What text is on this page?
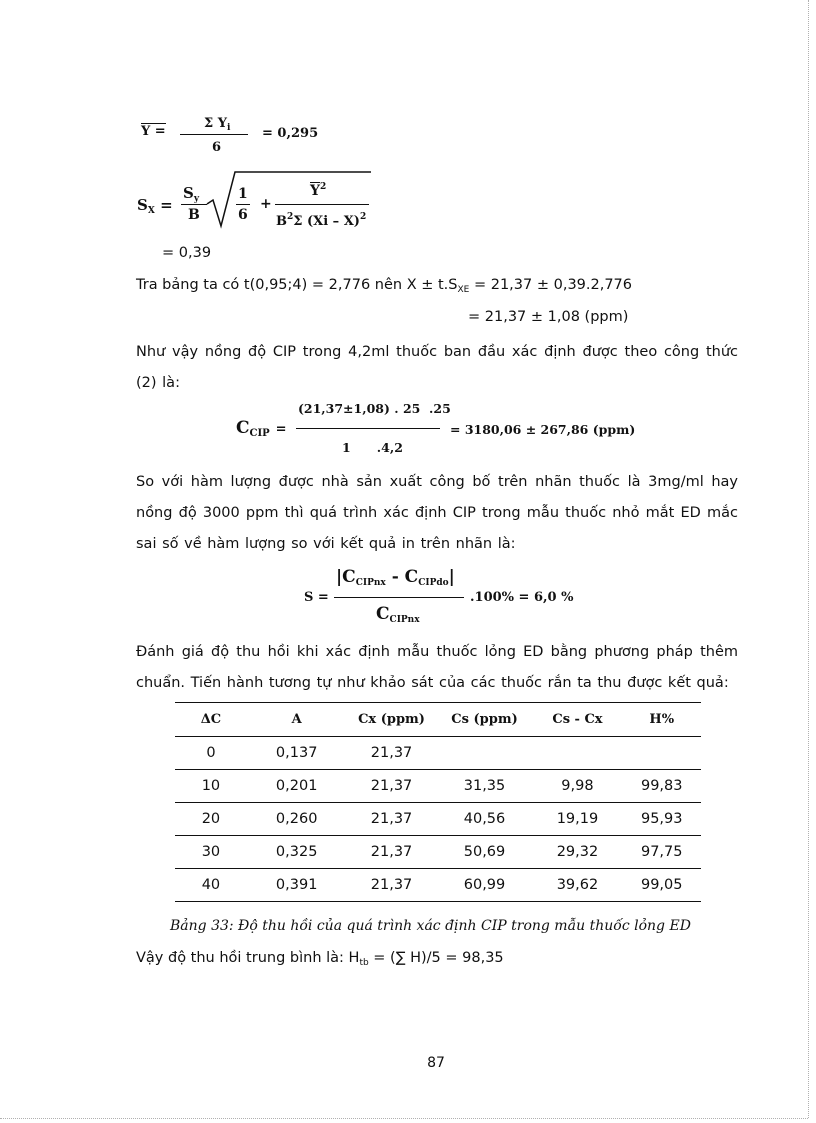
Y =
Σ $Y_i$
6
= 0,295
$S_X$ =
$S_y$
B
1
6
+
$Y^2$
$B^2\Sigma$ (Xi – X)$^2$
= 0,39
Tra bảng ta có t(0,95;4) = 2,776 nên $X \pm t.S_{XE} = 21,37 \pm 0,39.2,776$
= 21,37 ± 1,08 (ppm)
Như vậy nồng độ CIP trong 4,2ml thuốc ban đầu xác định được theo công thức (2) là:
$C_{CIP}$ =
(21,37±1,08) . 25  .25
1      .4,2
= 3180,06 ± 267,86 (ppm)
So với hàm lượng được nhà sản xuất công bố trên nhãn thuốc là 3mg/ml hay nồng độ 3000 ppm thì quá trình xác định CIP trong mẫu thuốc nhỏ mắt ED mắc sai số về hàm lượng so với kết quả in trên nhãn là:
S =
$|C_{CIPnx} - C_{CIPdo}|$
$C_{CIPnx}$
.100% = 6,0 %
Đánh giá độ thu hồi khi xác định mẫu thuốc lỏng ED bằng phương pháp thêm chuẩn. Tiến hành tương tự như khảo sát của các thuốc rắn ta thu được kết quả:
ΔC	A	Cx (ppm)	Cs (ppm)	Cs - Cx	H%
0	0,137	21,37			
10	0,201	21,37	31,35	9,98	99,83
20	0,260	21,37	40,56	19,19	95,93
30	0,325	21,37	50,69	29,32	97,75
40	0,391	21,37	60,99	39,62	99,05
Bảng 33: Độ thu hồi của quá trình xác định CIP trong mẫu thuốc lỏng ED
Vậy độ thu hồi trung bình là: $H_{tb}$ = (∑ H)/5 = 98,35
87
